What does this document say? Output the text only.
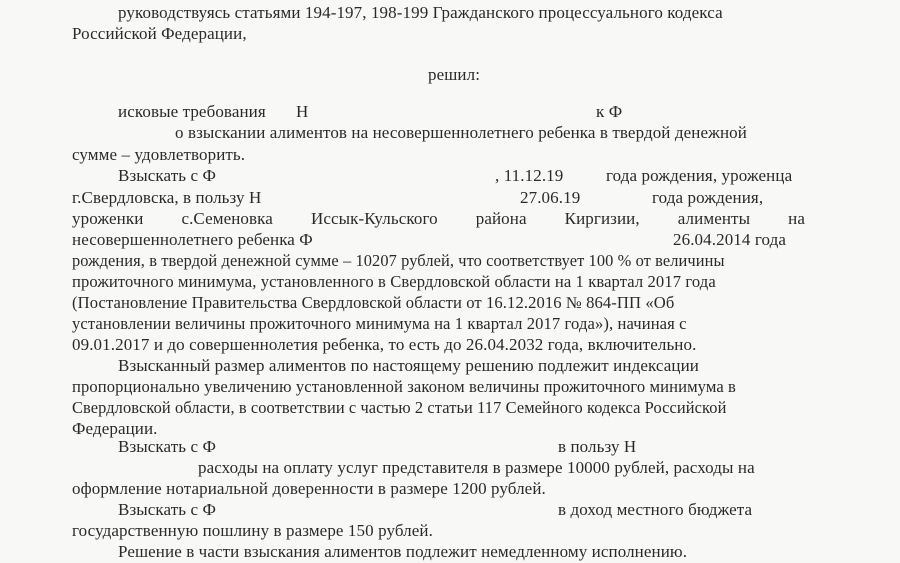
руководствуясь статьями 194-197, 198-199 Гражданского процессуального кодекса
Российской Федерации,
решил:
исковые требования Н	к Ф
о взыскании алиментов на несовершеннолетнего ребенка в твердой денежной
сумме – удовлетворить.
Взыскать с Ф	, 11.12.19	года рождения, уроженца
г.Свердловска, в пользу Н	27.06.19	года рождения,
уроженки с.Семеновка Иссык-Кульского района Киргизии, алименты на
несовершеннолетнего ребенка Ф	26.04.2014 года
рождения, в твердой денежной сумме – 10207 рублей, что соответствует 100 % от величины
прожиточного минимума, установленного в Свердловской области на 1 квартал 2017 года
(Постановление Правительства Свердловской области от 16.12.2016 № 864-ПП «Об
установлении величины прожиточного минимума на 1 квартал 2017 года»), начиная с
09.01.2017 и до совершеннолетия ребенка, то есть до 26.04.2032 года, включительно.
Взысканный размер алиментов по настоящему решению подлежит индексации
пропорционально увеличению установленной законом величины прожиточного минимума в
Свердловской области, в соответствии с частью 2 статьи 117 Семейного кодекса Российской
Федерации.
Взыскать с Ф	в пользу Н
расходы на оплату услуг представителя в размере 10000 рублей, расходы на
оформление нотариальной доверенности в размере 1200 рублей.
Взыскать с Ф	в доход местного бюджета
государственную пошлину в размере 150 рублей.
Решение в части взыскания алиментов подлежит немедленному исполнению.
